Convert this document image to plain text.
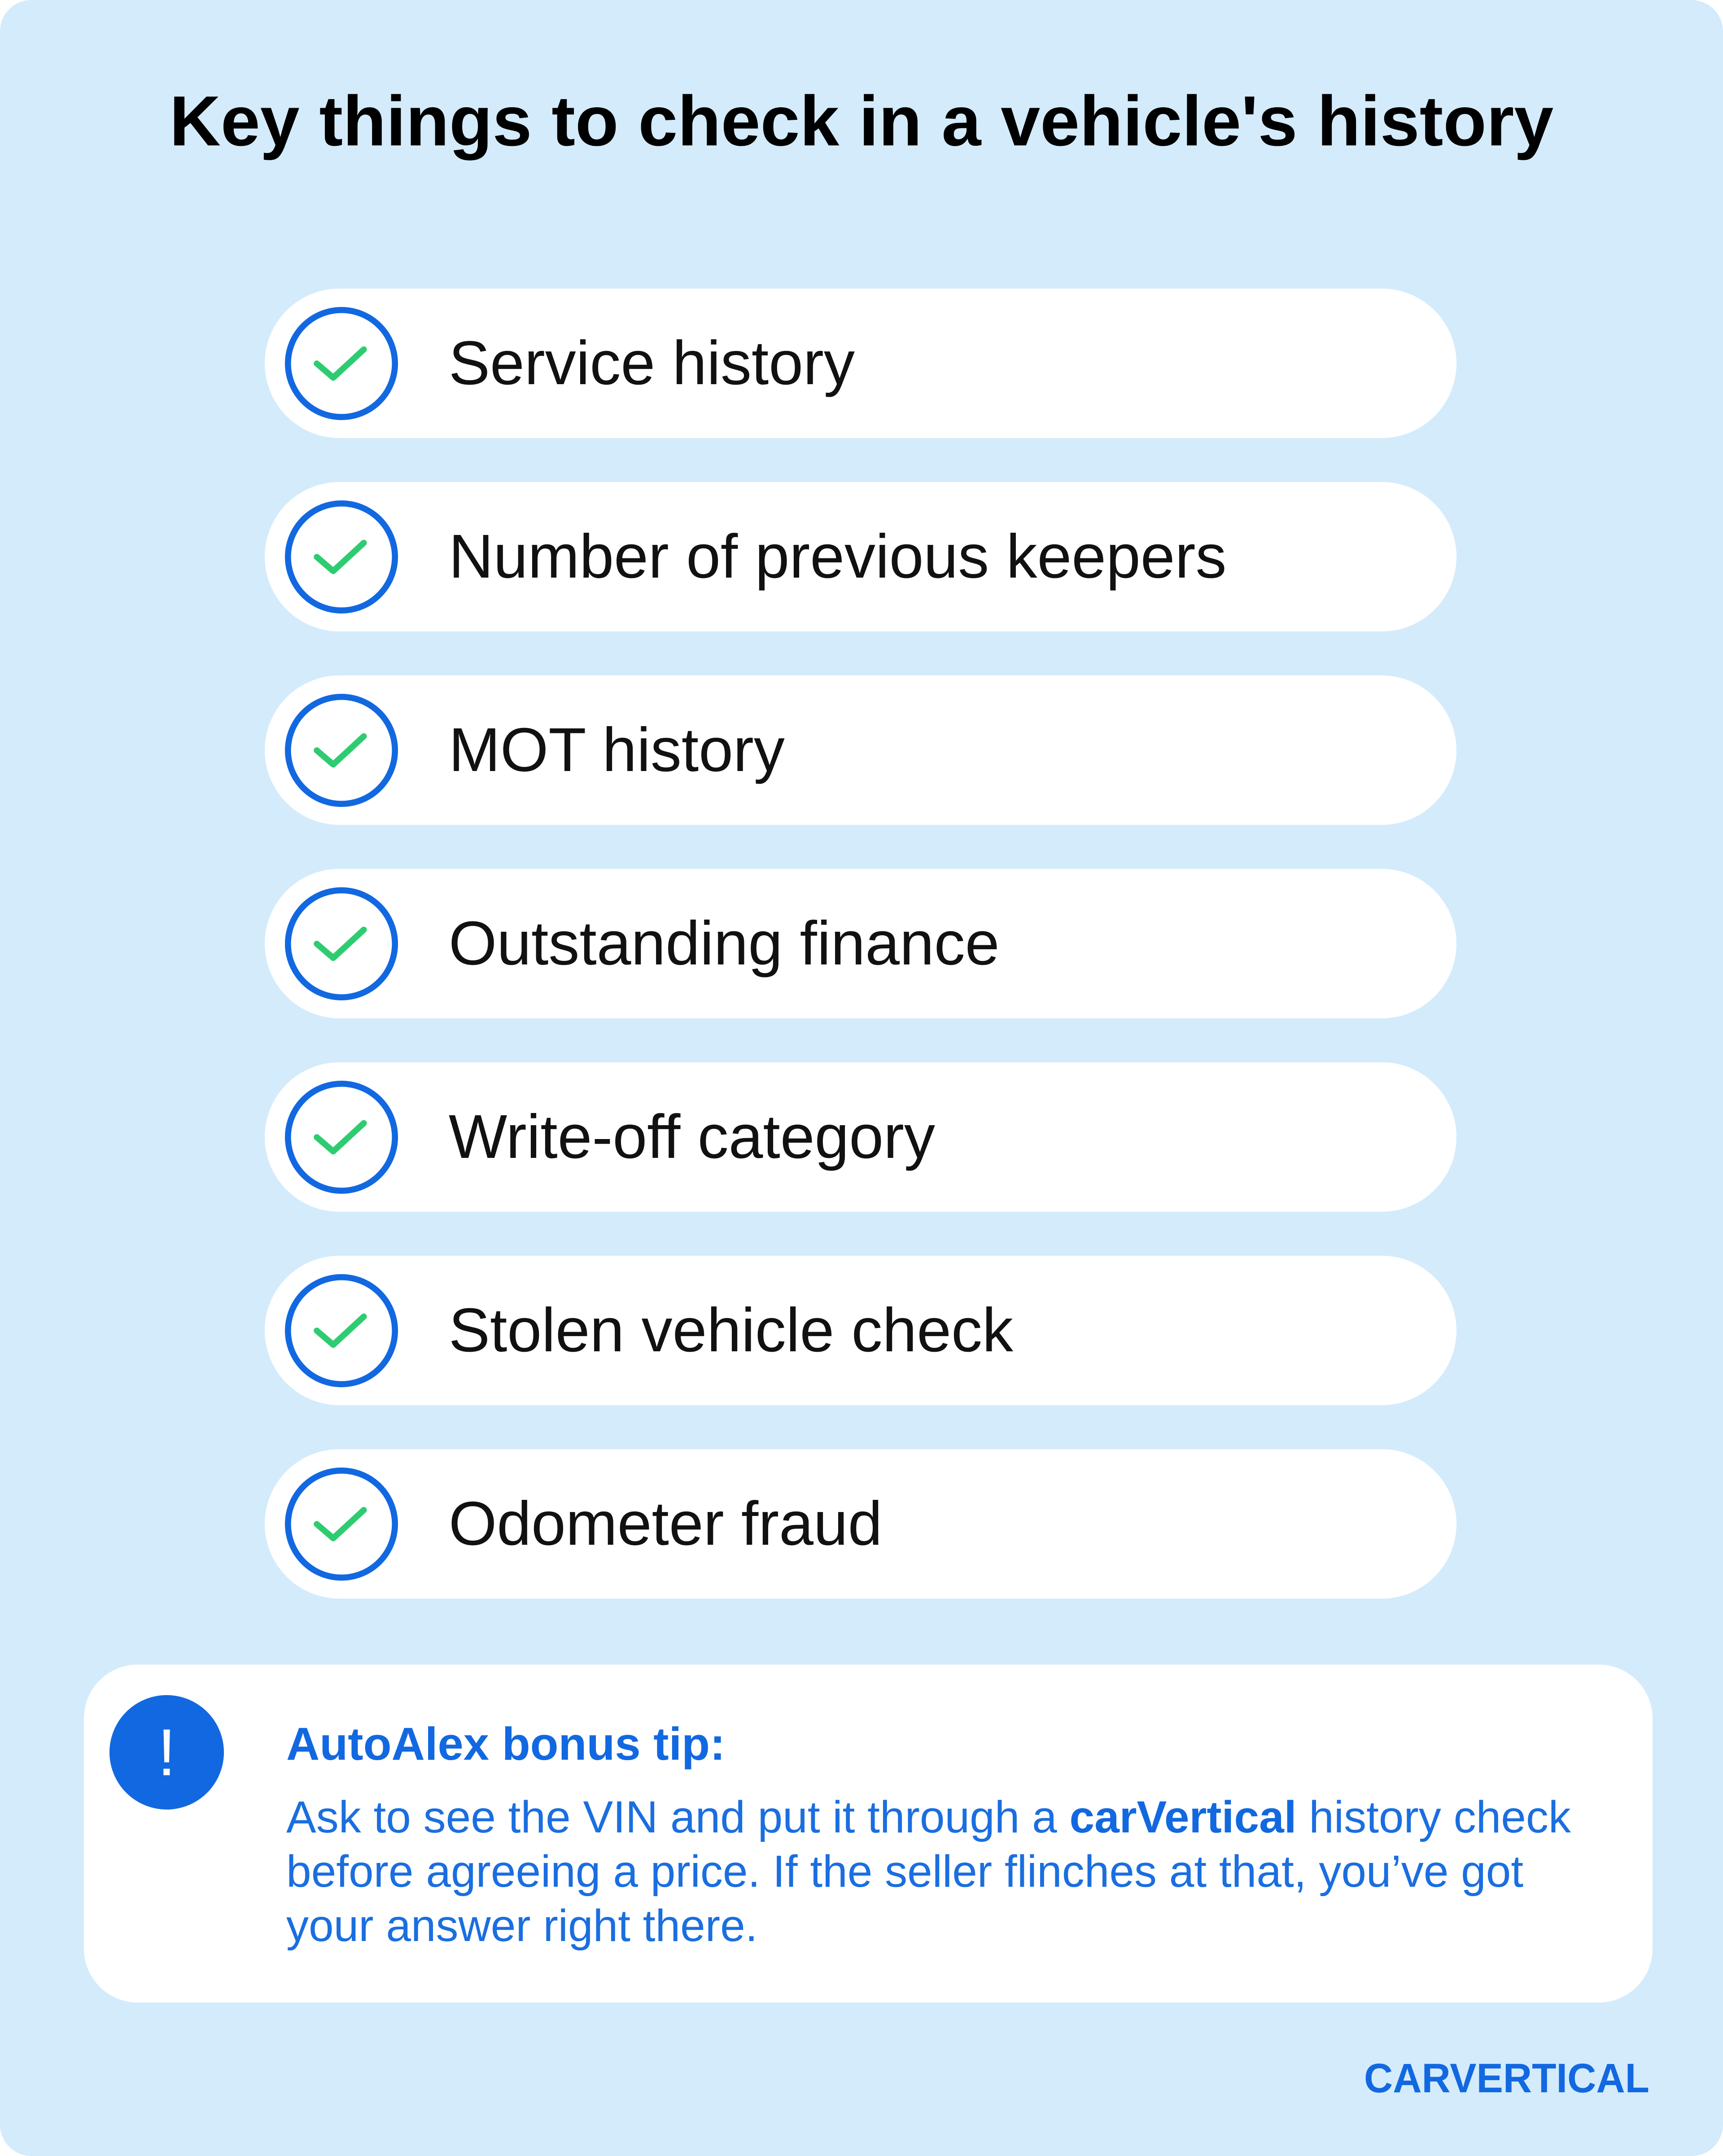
Key things to check in a vehicle's history
Service history
Number of previous keepers
MOT history
Outstanding finance
Write-off category
Stolen vehicle check
Odometer fraud
! AutoAlex bonus tip:

Ask to see the VIN and put it through a carVertical history check before agreeing a price. If the seller flinches at that, you’ve got your answer right there.

CARVERTICAL
